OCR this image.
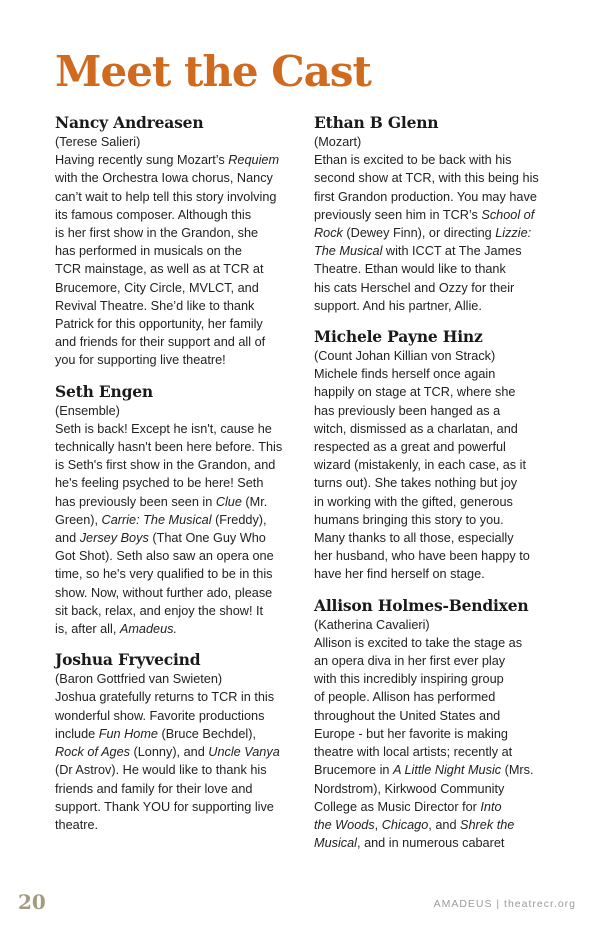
Meet the Cast
Nancy Andreasen
(Terese Salieri)
Having recently sung Mozart’s Requiem
with the Orchestra Iowa chorus, Nancy
can’t wait to help tell this story involving
its famous composer. Although this
is her first show in the Grandon, she
has performed in musicals on the
TCR mainstage, as well as at TCR at
Brucemore, City Circle, MVLCT, and
Revival Theatre. She’d like to thank
Patrick for this opportunity, her family
and friends for their support and all of
you for supporting live theatre!
Seth Engen
(Ensemble)
Seth is back! Except he isn't, cause he
technically hasn't been here before. This
is Seth's first show in the Grandon, and
he's feeling psyched to be here! Seth
has previously been seen in Clue (Mr.
Green), Carrie: The Musical (Freddy),
and Jersey Boys (That One Guy Who
Got Shot). Seth also saw an opera one
time, so he's very qualified to be in this
show. Now, without further ado, please
sit back, relax, and enjoy the show! It
is, after all, Amadeus.
Joshua Fryvecind
(Baron Gottfried van Swieten)
Joshua gratefully returns to TCR in this
wonderful show. Favorite productions
include Fun Home (Bruce Bechdel),
Rock of Ages (Lonny), and Uncle Vanya
(Dr Astrov). He would like to thank his
friends and family for their love and
support. Thank YOU for supporting live
theatre.
Ethan B Glenn
(Mozart)
Ethan is excited to be back with his
second show at TCR, with this being his
first Grandon production. You may have
previously seen him in TCR’s School of
Rock (Dewey Finn), or directing Lizzie:
The Musical with ICCT at The James
Theatre. Ethan would like to thank
his cats Herschel and Ozzy for their
support. And his partner, Allie.
Michele Payne Hinz
(Count Johan Killian von Strack)
Michele finds herself once again
happily on stage at TCR, where she
has previously been hanged as a
witch, dismissed as a charlatan, and
respected as a great and powerful
wizard (mistakenly, in each case, as it
turns out). She takes nothing but joy
in working with the gifted, generous
humans bringing this story to you.
Many thanks to all those, especially
her husband, who have been happy to
have her find herself on stage.
Allison Holmes-Bendixen
(Katherina Cavalieri)
Allison is excited to take the stage as
an opera diva in her first ever play
with this incredibly inspiring group
of people. Allison has performed
throughout the United States and
Europe - but her favorite is making
theatre with local artists; recently at
Brucemore in A Little Night Music (Mrs.
Nordstrom), Kirkwood Community
College as Music Director for Into
the Woods, Chicago, and Shrek the
Musical, and in numerous cabaret
20	AMADEUS | theatrecr.org
